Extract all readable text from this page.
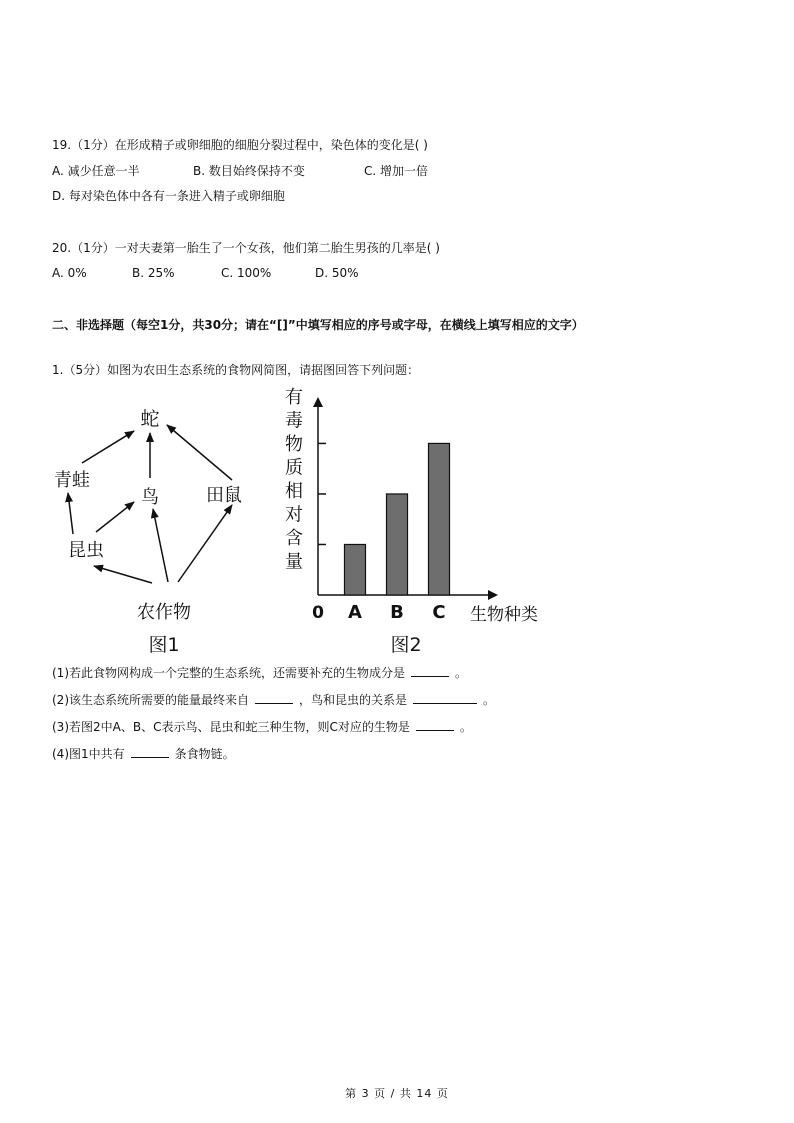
19.（1分）在形成精子或卵细胞的细胞分裂过程中，染色体的变化是( )
A. 减少任意一半	B. 数目始终保持不变	C. 增加一倍
D. 每对染色体中各有一条进入精子或卵细胞
20.（1分）一对夫妻第一胎生了一个女孩，他们第二胎生男孩的几率是( )
A. 0%	B. 25%	C. 100%	D. 50%
二、非选择题（每空1分，共30分；请在“[]”中填写相应的序号或字母，在横线上填写相应的文字）
1.（5分）如图为农田生态系统的食物网简图，请据图回答下列问题：
蛇
青蛙
鸟	田鼠
昆虫
农作物
图1
有
毒
物
质
相
对
含
量
A B C
0	生物种类
图2
(1)若此食物网构成一个完整的生态系统，还需要补充的生物成分是	。
(2)该生态系统所需要的能量最终来自	，鸟和昆虫的关系是	。
(3)若图2中A、B、C表示鸟、昆虫和蛇三种生物，则C对应的生物是	。
(4)图1中共有	条食物链。
第 3 页 / 共 14 页
